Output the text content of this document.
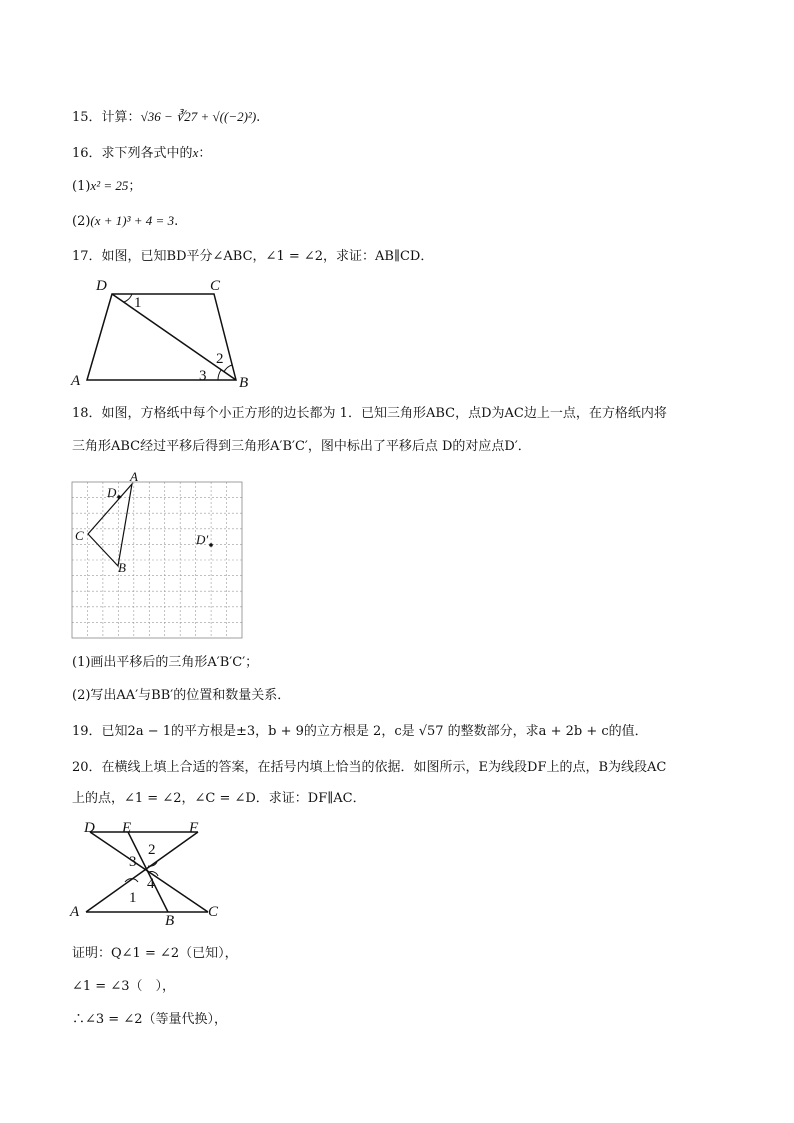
15．计算：√36 − ∛27 + √((−2)²).
16．求下列各式中的x：
(1)x² = 25；
(2)(x + 1)³ + 4 = 3.
17．如图，已知BD平分∠ABC，∠1 = ∠2，求证：AB∥CD．
D	C
A	B
1
2
3
18．如图，方格纸中每个小正方形的边长都为 1．已知三角形ABC，点D为AC边上一点，在方格纸内将
三角形ABC经过平移后得到三角形A′B′C′，图中标出了平移后点 D的对应点D′．
A
D
C
B
D′
(1)画出平移后的三角形A′B′C′；
(2)写出AA′与BB′的位置和数量关系．
19．已知2a − 1的平方根是±3，b + 9的立方根是 2，c是 √57 的整数部分，求a + 2b + c的值．
20．在横线上填上合适的答案，在括号内填上恰当的依据．如图所示，E为线段DF上的点，B为线段AC
上的点，∠1 = ∠2，∠C = ∠D．求证：DF∥AC．
D E	F
A
B
C
2
3
4
1
证明：Q∠1 = ∠2（已知），
∠1 = ∠3（　），
∴∠3 = ∠2（等量代换），
